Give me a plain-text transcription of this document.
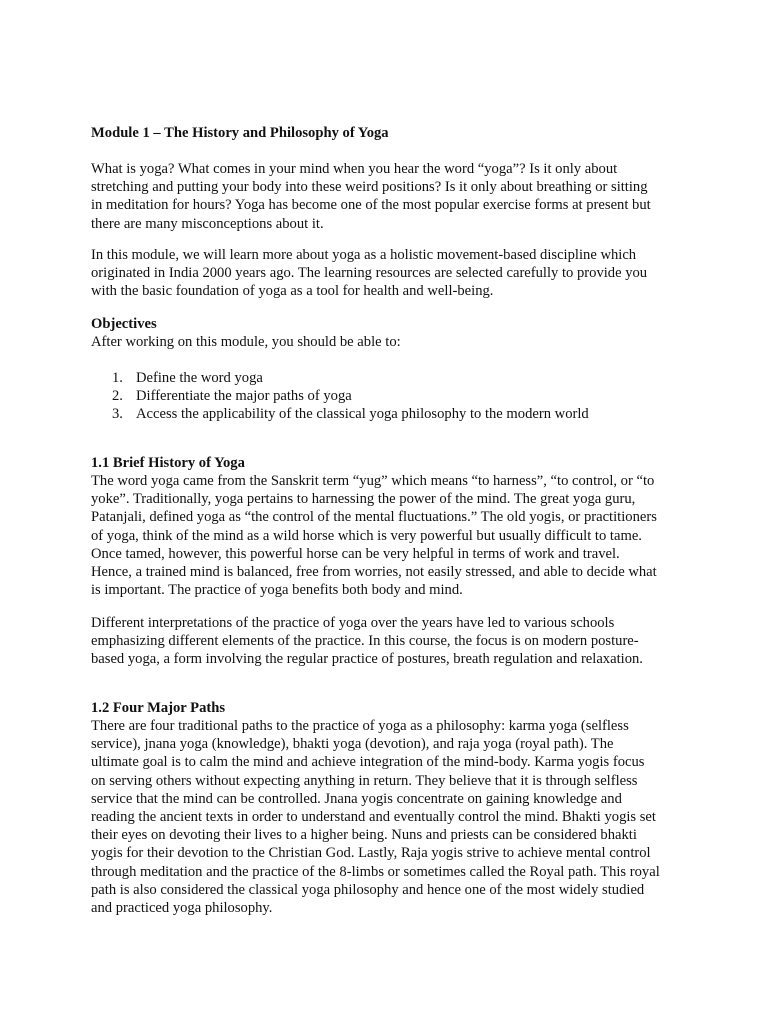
Module 1 – The History and Philosophy of Yoga

What is yoga? What comes in your mind when you hear the word “yoga”? Is it only about

stretching and putting your body into these weird positions? Is it only about breathing or sitting

in meditation for hours? Yoga has become one of the most popular exercise forms at present but

there are many misconceptions about it.

In this module, we will learn more about yoga as a holistic movement-based discipline which

originated in India 2000 years ago. The learning resources are selected carefully to provide you

with the basic foundation of yoga as a tool for health and well-being.

Objectives

After working on this module, you should be able to:

1. Define the word yoga
2. Differentiate the major paths of yoga
3. Access the applicability of the classical yoga philosophy to the modern world
1.1 Brief History of Yoga

The word yoga came from the Sanskrit term “yug” which means “to harness”, “to control, or “to

yoke”. Traditionally, yoga pertains to harnessing the power of the mind. The great yoga guru,

Patanjali, defined yoga as “the control of the mental fluctuations.” The old yogis, or practitioners

of yoga, think of the mind as a wild horse which is very powerful but usually difficult to tame.

Once tamed, however, this powerful horse can be very helpful in terms of work and travel.

Hence, a trained mind is balanced, free from worries, not easily stressed, and able to decide what

is important. The practice of yoga benefits both body and mind.

Different interpretations of the practice of yoga over the years have led to various schools

emphasizing different elements of the practice. In this course, the focus is on modern posture-

based yoga, a form involving the regular practice of postures, breath regulation and relaxation.

1.2 Four Major Paths

There are four traditional paths to the practice of yoga as a philosophy: karma yoga (selfless

service), jnana yoga (knowledge), bhakti yoga (devotion), and raja yoga (royal path). The

ultimate goal is to calm the mind and achieve integration of the mind-body. Karma yogis focus

on serving others without expecting anything in return. They believe that it is through selfless

service that the mind can be controlled. Jnana yogis concentrate on gaining knowledge and

reading the ancient texts in order to understand and eventually control the mind. Bhakti yogis set

their eyes on devoting their lives to a higher being. Nuns and priests can be considered bhakti

yogis for their devotion to the Christian God. Lastly, Raja yogis strive to achieve mental control

through meditation and the practice of the 8-limbs or sometimes called the Royal path. This royal

path is also considered the classical yoga philosophy and hence one of the most widely studied

and practiced yoga philosophy.
